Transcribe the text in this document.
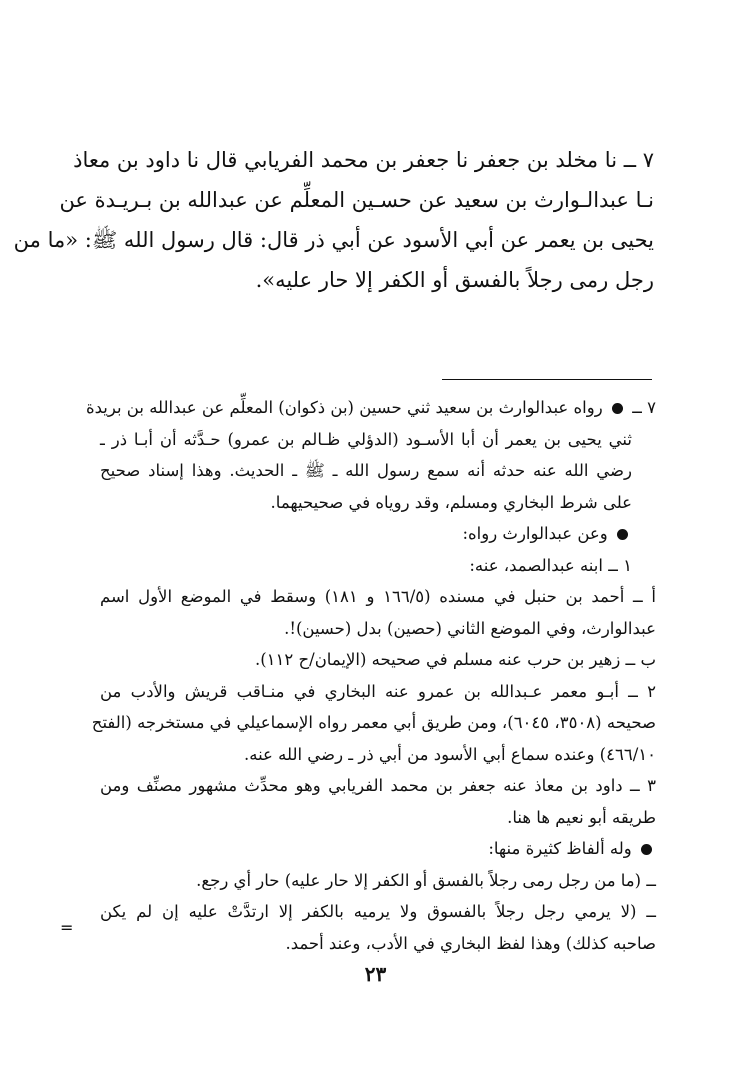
٧ ــ نا مخلد بن جعفر نا جعفر بن محمد الفريابي قال نا داود بن معاذ
نـا عبدالـوارث بن سعيد عن حسـين المعلِّم عن عبدالله بن بـريـدة عن
يحيى بن يعمر عن أبي الأسود عن أبي ذر قال: قال رسول الله ﷺ: «ما من
رجل رمى رجلاً بالفسق أو الكفر إلا حار عليه».
٧ ــ  رواه عبدالوارث بن سعيد ثني حسين (بن ذكوان) المعلِّم عن عبدالله بن بريدة
ثني يحيى بن يعمر أن أبا الأسـود (الدؤلي ظـالم بن عمرو) حـدَّثه أن أبـا ذر ـ
رضي الله عنه حدثه أنه سمع رسول الله ـ ﷺ ـ الحديث. وهذا إسناد صحيح
على شرط البخاري ومسلم، وقد روياه في صحيحيهما.
وعن عبدالوارث رواه:
١ ــ ابنه عبدالصمد، عنه:
أ ــ أحمد بن حنبل في مسنده (١٦٦/٥ و ١٨١) وسقط في الموضع الأول اسم
عبدالوارث، وفي الموضع الثاني (حصين) بدل (حسين)!.
ب ــ زهير بن حرب عنه مسلم في صحيحه (الإيمان/ح ١١٢).
٢ ــ أبـو معمر عـبدالله بن عمرو عنه البخاري في منـاقب قريش والأدب من
صحيحه (٣٥٠٨، ٦٠٤٥)، ومن طريق أبي معمر رواه الإسماعيلي في مستخرجه (الفتح
٤٦٦/١٠) وعنده سماع أبي الأسود من أبي ذر ـ رضي الله عنه.
٣ ــ داود بن معاذ عنه جعفر بن محمد الفريابي وهو محدِّث مشهور مصنِّف ومن
طريقه أبو نعيم ها هنا.
وله ألفاظ كثيرة منها:
ــ (ما من رجل رمى رجلاً بالفسق أو الكفر إلا حار عليه) حار أي رجع.
ــ (لا يرمي رجل رجلاً بالفسوق ولا يرميه بالكفر إلا ارتدَّتْ عليه إن لم يكن
صاحبه كذلك) وهذا لفظ البخاري في الأدب، وعند أحمد.
=
٢٣
